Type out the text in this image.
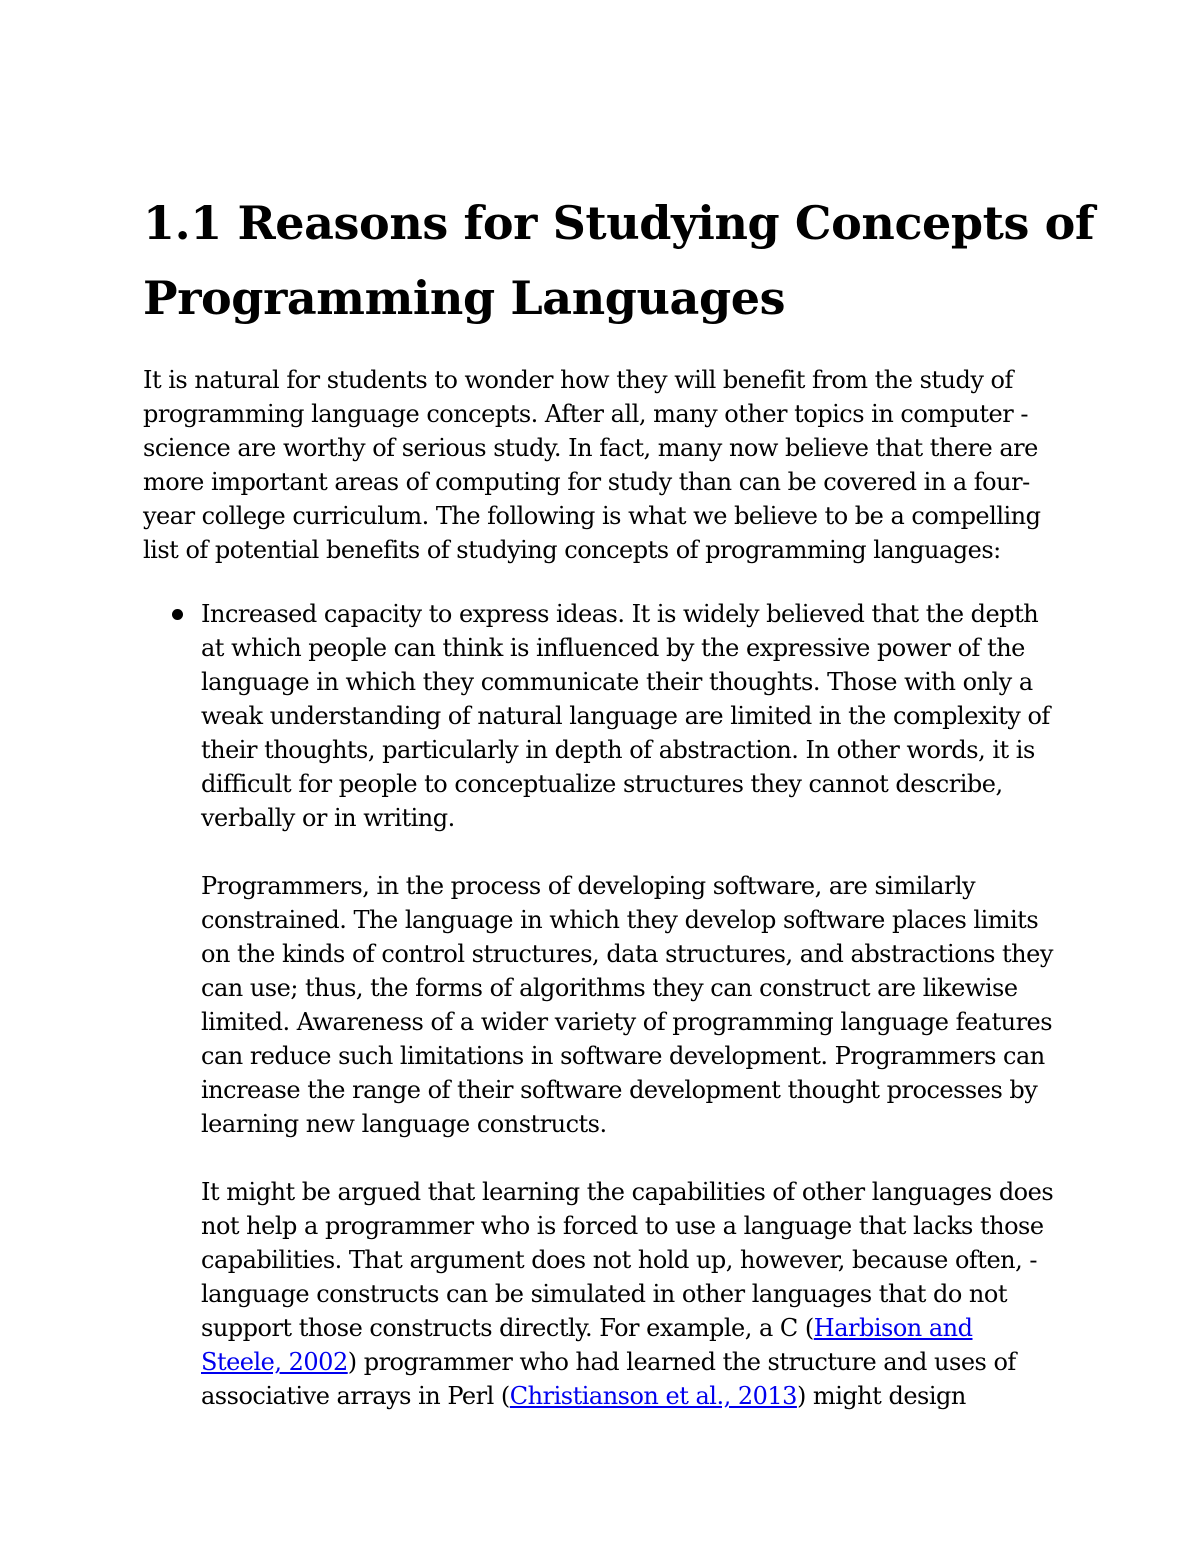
1.1 Reasons for Studying Concepts of Programming Languages

It is natural for students to wonder how they will benefit from the study of
programming language concepts. After all, many other topics in computer -
science are worthy of serious study. In fact, many now believe that there are
more important areas of computing for study than can be covered in a four-
year college curriculum. The following is what we believe to be a compelling
list of potential benefits of studying concepts of programming languages:

Increased capacity to express ideas. It is widely believed that the depth
at which people can think is influenced by the expressive power of the
language in which they communicate their thoughts. Those with only a
weak understanding of natural language are limited in the complexity of
their thoughts, particularly in depth of abstraction. In other words, it is
difficult for people to conceptualize structures they cannot describe,
verbally or in writing.

Programmers, in the process of developing software, are similarly
constrained. The language in which they develop software places limits
on the kinds of control structures, data structures, and abstractions they
can use; thus, the forms of algorithms they can construct are likewise
limited. Awareness of a wider variety of programming language features
can reduce such limitations in software development. Programmers can
increase the range of their software development thought processes by
learning new language constructs.

It might be argued that learning the capabilities of other languages does
not help a programmer who is forced to use a language that lacks those
capabilities. That argument does not hold up, however, because often, -
language constructs can be simulated in other languages that do not
support those constructs directly. For example, a C (Harbison and
Steele, 2002) programmer who had learned the structure and uses of
associative arrays in Perl (Christianson et al., 2013) might design
